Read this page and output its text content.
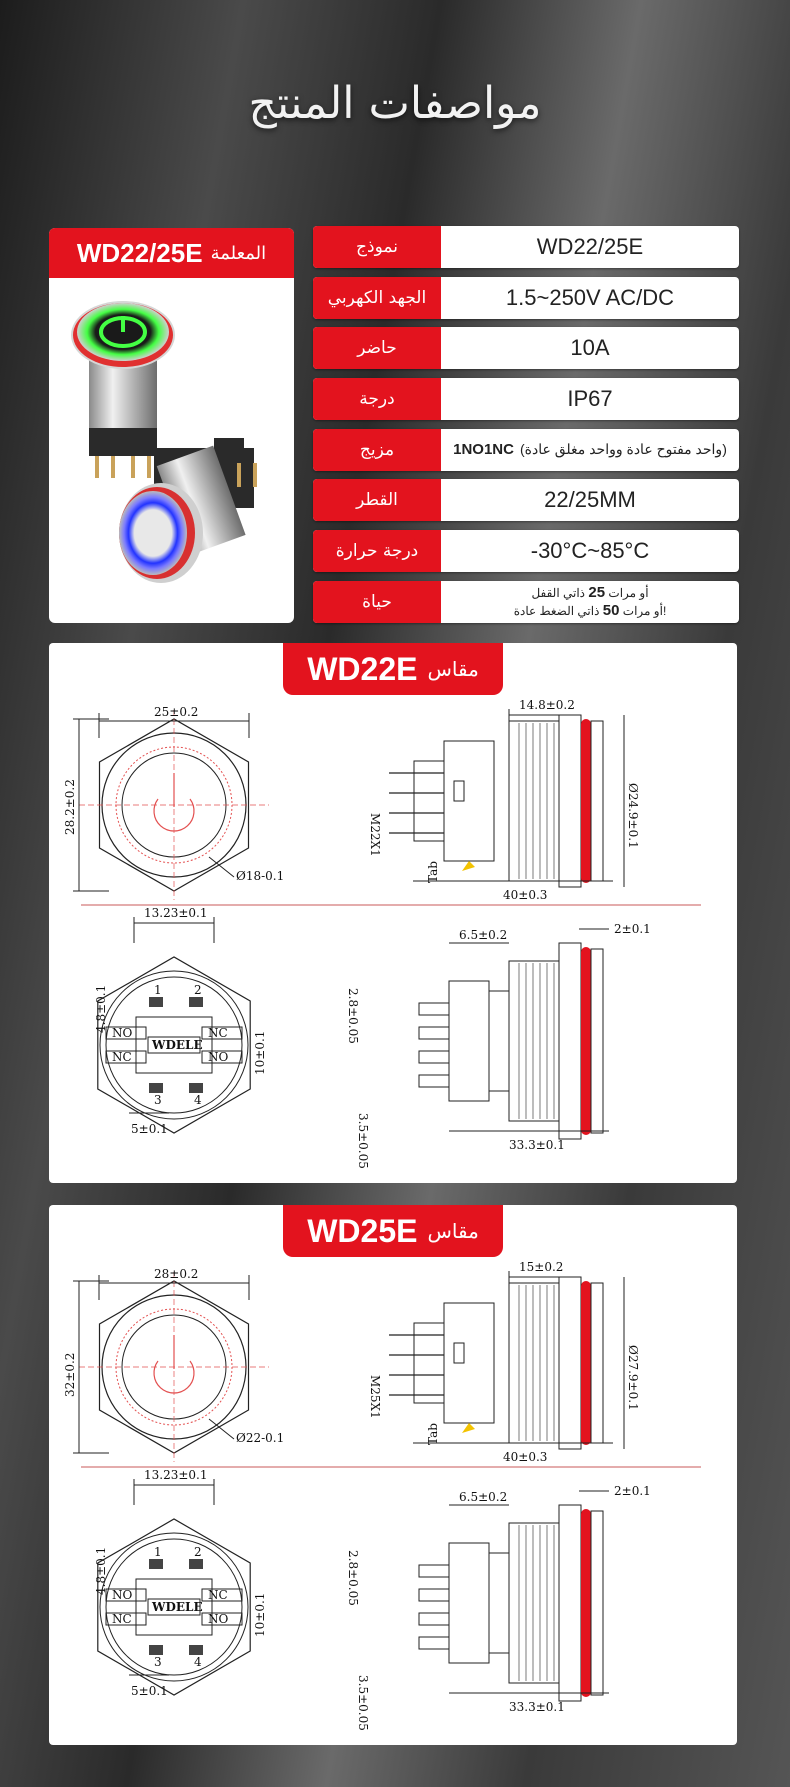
مواصفات المنتج
WD22/25E المعلمة	نموذج	WD22/25E
الجهد الكهربي	1.5~250V AC/DC
حاضر	10A
درجة	IP67
مزيج	1NO1NC (واحد مفتوح عادة وواحد مغلق عادة)
القطر	22/25MM
درجة حرارة	-30°C~85°C
حياة	أو مرات 25 ذاتي القفل
أو مرات 50 ذاتي الضغط عادة!
WD22E مقاس
25±0.2
28.2±0.2
Ø18-0.1	Tab
14.8±0.2
M22X1	Ø24.9±0.1
40±0.3
NO	NC
NC	NO
1	2
3	4
WDELE
13.23±0.1
4.8±0.1
10±0.1
5±0.1
6.5±0.2	2±0.1
2.8±0.05
3.5±0.05	33.3±0.1
WD25E مقاس
28±0.2
32±0.2
Ø22-0.1	Tab
15±0.2
M25X1	Ø27.9±0.1
40±0.3
NO	NC
NC	NO
1	2
3	4
WDELE
13.23±0.1
4.8±0.1
10±0.1
5±0.1
6.5±0.2	2±0.1
2.8±0.05
3.5±0.05	33.3±0.1
